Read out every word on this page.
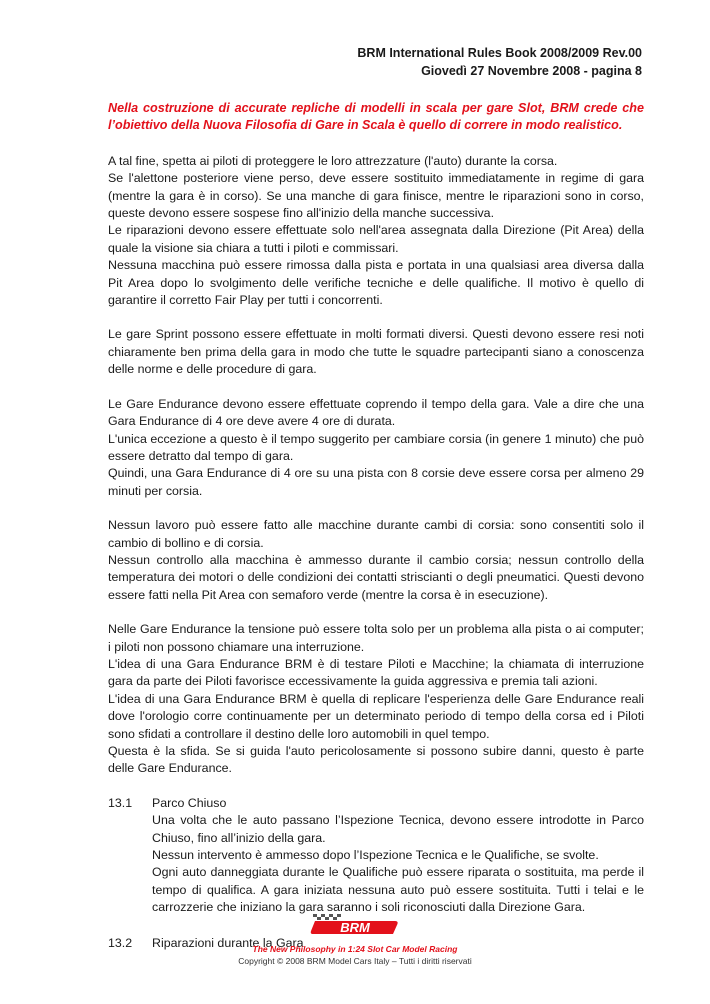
BRM International Rules Book 2008/2009 Rev.00
Giovedì 27 Novembre 2008 - pagina 8

Nella costruzione di accurate repliche di modelli in scala per gare Slot, BRM crede che l’obiettivo della Nuova Filosofia di Gare in Scala è quello di correre in modo realistico.

A tal fine, spetta ai piloti di proteggere le loro attrezzature (l'auto) durante la corsa.

Se l'alettone posteriore viene perso, deve essere sostituito immediatamente in regime di gara (mentre la gara è in corso). Se una manche di gara finisce, mentre le riparazioni sono in corso, queste devono essere sospese fino all'inizio della manche successiva.

Le riparazioni devono essere effettuate solo nell'area assegnata dalla Direzione (Pit Area) della quale la visione sia chiara a tutti i piloti e commissari.

Nessuna macchina può essere rimossa dalla pista e portata in una qualsiasi area diversa dalla Pit Area dopo lo svolgimento delle verifiche tecniche e delle qualifiche. Il motivo è quello di garantire il corretto Fair Play per tutti i concorrenti.

Le gare Sprint possono essere effettuate in molti formati diversi. Questi devono essere resi noti chiaramente ben prima della gara in modo che tutte le squadre partecipanti siano a conoscenza delle norme e delle procedure di gara.

Le Gare Endurance devono essere effettuate coprendo il tempo della gara. Vale a dire che una Gara Endurance di 4 ore deve avere 4 ore di durata.

L'unica eccezione a questo è il tempo suggerito per cambiare corsia (in genere 1 minuto) che può essere detratto dal tempo di gara.

Quindi, una Gara Endurance di 4 ore su una pista con 8 corsie deve essere corsa per almeno 29 minuti per corsia.

Nessun lavoro può essere fatto alle macchine durante cambi di corsia: sono consentiti solo il cambio di bollino e di corsia.

Nessun controllo alla macchina è ammesso durante il cambio corsia; nessun controllo della temperatura dei motori o delle condizioni dei contatti striscianti o degli pneumatici. Questi devono essere fatti nella Pit Area con semaforo verde (mentre la corsa è in esecuzione).

Nelle Gare Endurance la tensione può essere tolta solo per un problema alla pista o ai computer; i piloti non possono chiamare una interruzione.

L'idea di una Gara Endurance BRM è di testare Piloti e Macchine; la chiamata di interruzione gara da parte dei Piloti favorisce eccessivamente la guida aggressiva e premia tali azioni.

L'idea di una Gara Endurance BRM è quella di replicare l'esperienza delle Gare Endurance reali dove l'orologio corre continuamente per un determinato periodo di tempo della corsa ed i Piloti sono sfidati a controllare il destino delle loro automobili in quel tempo.

Questa è la sfida. Se si guida l'auto pericolosamente si possono subire danni, questo è parte delle Gare Endurance.

13.1	Parco Chiuso

Una volta che le auto passano l’Ispezione Tecnica, devono essere introdotte in Parco Chiuso, fino all’inizio della gara.

Nessun intervento è ammesso dopo l’Ispezione Tecnica e le Qualifiche, se svolte.

Ogni auto danneggiata durante le Qualifiche può essere riparata o sostituita, ma perde il tempo di qualifica. A gara iniziata nessuna auto può essere sostituita. Tutti i telai e le carrozzerie che iniziano la gara saranno i soli riconosciuti dalla Direzione Gara.

13.2	Riparazioni durante la Gara
BRM
The New Philosophy in 1:24 Slot Car Model Racing
Copyright © 2008 BRM Model Cars Italy – Tutti i diritti riservati
